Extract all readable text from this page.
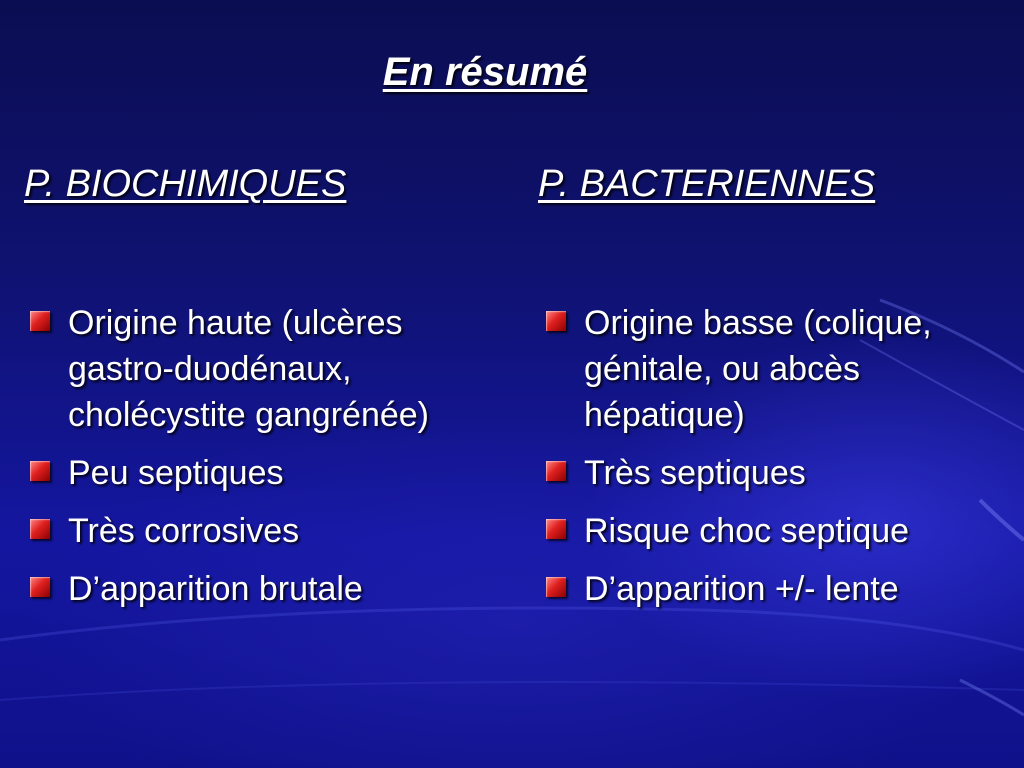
En résumé
P. BIOCHIMIQUES	P. BACTERIENNES
Origine haute (ulcères gastro-duodénaux, cholécystite gangrénée)
Peu septiques
Très corrosives
D’apparition brutale
Origine basse (colique, génitale, ou abcès hépatique)
Très septiques
Risque choc septique
D’apparition +/- lente
